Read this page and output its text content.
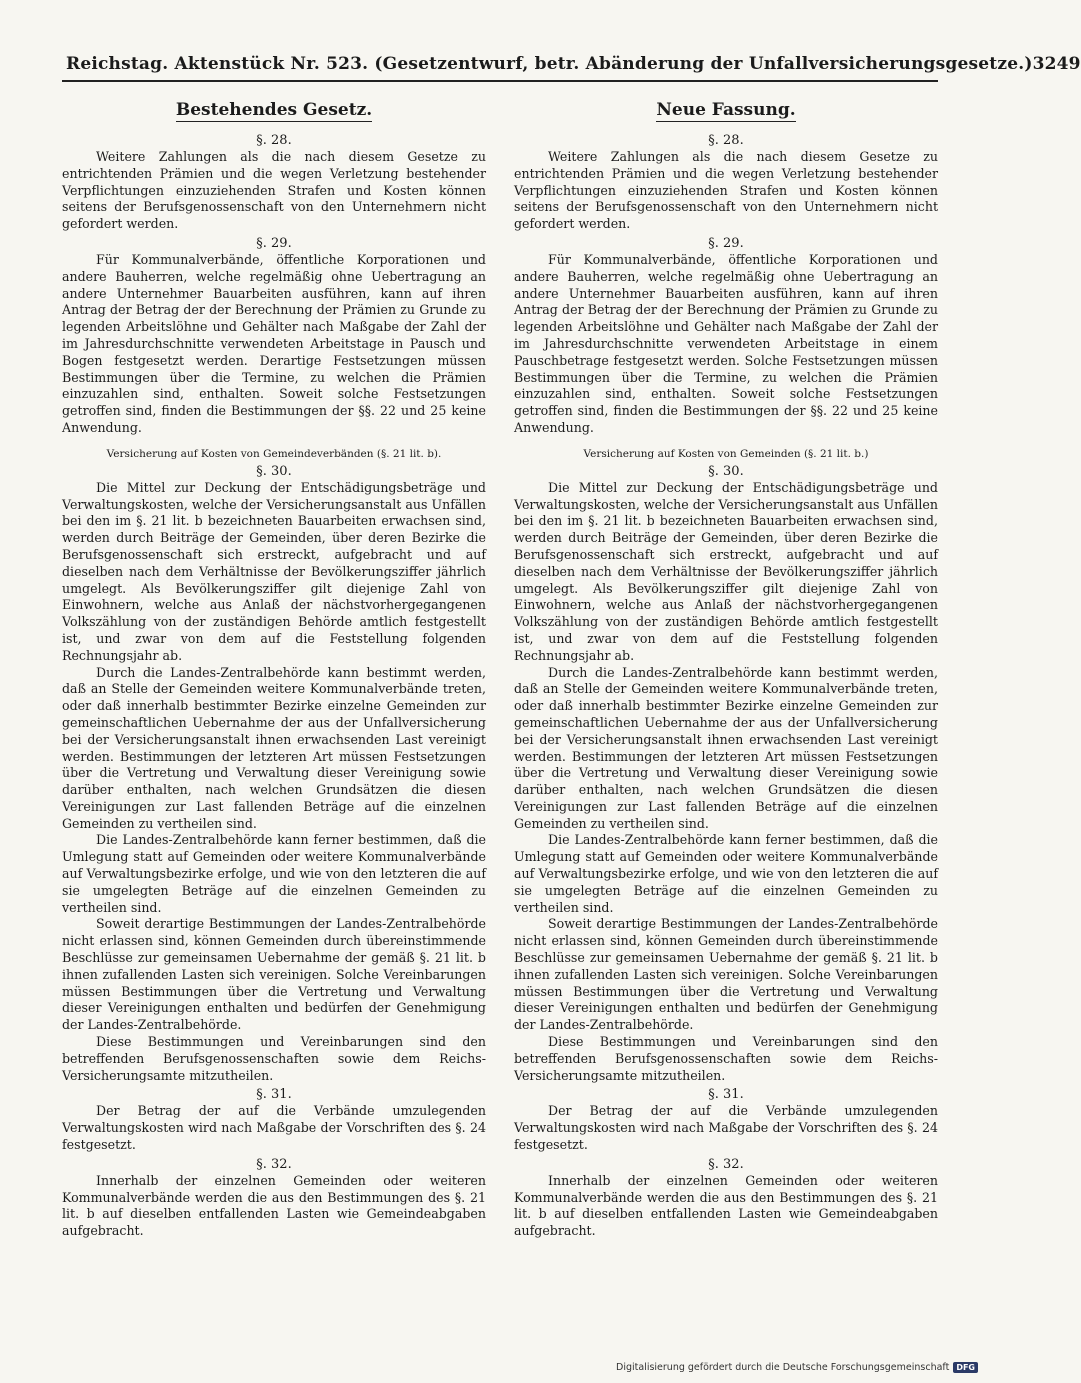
Reichstag. Aktenstück Nr. 523. (Gesetzentwurf, betr. Abänderung der Unfallversicherungsgesetze.) 3249
Bestehendes Gesetz.
§. 28.

Weitere Zahlungen als die nach diesem Gesetze zu entrichtenden Prämien und die wegen Verletzung bestehender Verpflichtungen einzuziehenden Strafen und Kosten können seitens der Berufsgenossenschaft von den Unternehmern nicht gefordert werden.

§. 29.

Für Kommunalverbände, öffentliche Korporationen und andere Bauherren, welche regelmäßig ohne Uebertragung an andere Unternehmer Bauarbeiten ausführen, kann auf ihren Antrag der Betrag der der Berechnung der Prämien zu Grunde zu legenden Arbeitslöhne und Gehälter nach Maßgabe der Zahl der im Jahresdurchschnitte verwendeten Arbeitstage in Pausch und Bogen festgesetzt werden. Derartige Festsetzungen müssen Bestimmungen über die Termine, zu welchen die Prämien einzuzahlen sind, enthalten. Soweit solche Festsetzungen getroffen sind, finden die Bestimmungen der §§. 22 und 25 keine Anwendung.

Versicherung auf Kosten von Gemeindeverbänden (§. 21 lit. b).
§. 30.

Die Mittel zur Deckung der Entschädigungsbeträge und Verwaltungskosten, welche der Versicherungsanstalt aus Unfällen bei den im §. 21 lit. b bezeichneten Bauarbeiten erwachsen sind, werden durch Beiträge der Gemeinden, über deren Bezirke die Berufsgenossenschaft sich erstreckt, aufgebracht und auf dieselben nach dem Verhältnisse der Bevölkerungsziffer jährlich umgelegt. Als Bevölkerungsziffer gilt diejenige Zahl von Einwohnern, welche aus Anlaß der nächstvorhergegangenen Volkszählung von der zuständigen Behörde amtlich festgestellt ist, und zwar von dem auf die Feststellung folgenden Rechnungsjahr ab.

Durch die Landes-Zentralbehörde kann bestimmt werden, daß an Stelle der Gemeinden weitere Kommunalverbände treten, oder daß innerhalb bestimmter Bezirke einzelne Gemeinden zur gemeinschaftlichen Uebernahme der aus der Unfallversicherung bei der Versicherungsanstalt ihnen erwachsenden Last vereinigt werden. Bestimmungen der letzteren Art müssen Festsetzungen über die Vertretung und Verwaltung dieser Vereinigung sowie darüber enthalten, nach welchen Grundsätzen die diesen Vereinigungen zur Last fallenden Beträge auf die einzelnen Gemeinden zu vertheilen sind.

Die Landes-Zentralbehörde kann ferner bestimmen, daß die Umlegung statt auf Gemeinden oder weitere Kommunalverbände auf Verwaltungsbezirke erfolge, und wie von den letzteren die auf sie umgelegten Beträge auf die einzelnen Gemeinden zu vertheilen sind.

Soweit derartige Bestimmungen der Landes-Zentralbehörde nicht erlassen sind, können Gemeinden durch übereinstimmende Beschlüsse zur gemeinsamen Uebernahme der gemäß §. 21 lit. b ihnen zufallenden Lasten sich vereinigen. Solche Vereinbarungen müssen Bestimmungen über die Vertretung und Verwaltung dieser Vereinigungen enthalten und bedürfen der Genehmigung der Landes-Zentralbehörde.

Diese Bestimmungen und Vereinbarungen sind den betreffenden Berufsgenossenschaften sowie dem Reichs-Versicherungsamte mitzutheilen.

§. 31.

Der Betrag der auf die Verbände umzulegenden Verwaltungskosten wird nach Maßgabe der Vorschriften des §. 24 festgesetzt.

§. 32.

Innerhalb der einzelnen Gemeinden oder weiteren Kommunalverbände werden die aus den Bestimmungen des §. 21 lit. b auf dieselben entfallenden Lasten wie Gemeindeabgaben aufgebracht.

Neue Fassung.
§. 28.

Weitere Zahlungen als die nach diesem Gesetze zu entrichtenden Prämien und die wegen Verletzung bestehender Verpflichtungen einzuziehenden Strafen und Kosten können seitens der Berufsgenossenschaft von den Unternehmern nicht gefordert werden.

§. 29.

Für Kommunalverbände, öffentliche Korporationen und andere Bauherren, welche regelmäßig ohne Uebertragung an andere Unternehmer Bauarbeiten ausführen, kann auf ihren Antrag der Betrag der der Berechnung der Prämien zu Grunde zu legenden Arbeitslöhne und Gehälter nach Maßgabe der Zahl der im Jahresdurchschnitte verwendeten Arbeitstage in einem Pauschbetrage festgesetzt werden. Solche Festsetzungen müssen Bestimmungen über die Termine, zu welchen die Prämien einzuzahlen sind, enthalten. Soweit solche Festsetzungen getroffen sind, finden die Bestimmungen der §§. 22 und 25 keine Anwendung.

Versicherung auf Kosten von Gemeinden (§. 21 lit. b.)
§. 30.

Die Mittel zur Deckung der Entschädigungsbeträge und Verwaltungskosten, welche der Versicherungsanstalt aus Unfällen bei den im §. 21 lit. b bezeichneten Bauarbeiten erwachsen sind, werden durch Beiträge der Gemeinden, über deren Bezirke die Berufsgenossenschaft sich erstreckt, aufgebracht und auf dieselben nach dem Verhältnisse der Bevölkerungsziffer jährlich umgelegt. Als Bevölkerungsziffer gilt diejenige Zahl von Einwohnern, welche aus Anlaß der nächstvorhergegangenen Volkszählung von der zuständigen Behörde amtlich festgestellt ist, und zwar von dem auf die Feststellung folgenden Rechnungsjahr ab.

Durch die Landes-Zentralbehörde kann bestimmt werden, daß an Stelle der Gemeinden weitere Kommunalverbände treten, oder daß innerhalb bestimmter Bezirke einzelne Gemeinden zur gemeinschaftlichen Uebernahme der aus der Unfallversicherung bei der Versicherungsanstalt ihnen erwachsenden Last vereinigt werden. Bestimmungen der letzteren Art müssen Festsetzungen über die Vertretung und Verwaltung dieser Vereinigung sowie darüber enthalten, nach welchen Grundsätzen die diesen Vereinigungen zur Last fallenden Beträge auf die einzelnen Gemeinden zu vertheilen sind.

Die Landes-Zentralbehörde kann ferner bestimmen, daß die Umlegung statt auf Gemeinden oder weitere Kommunalverbände auf Verwaltungsbezirke erfolge, und wie von den letzteren die auf sie umgelegten Beträge auf die einzelnen Gemeinden zu vertheilen sind.

Soweit derartige Bestimmungen der Landes-Zentralbehörde nicht erlassen sind, können Gemeinden durch übereinstimmende Beschlüsse zur gemeinsamen Uebernahme der gemäß §. 21 lit. b ihnen zufallenden Lasten sich vereinigen. Solche Vereinbarungen müssen Bestimmungen über die Vertretung und Verwaltung dieser Vereinigungen enthalten und bedürfen der Genehmigung der Landes-Zentralbehörde.

Diese Bestimmungen und Vereinbarungen sind den betreffenden Berufsgenossenschaften sowie dem Reichs-Versicherungsamte mitzutheilen.

§. 31.

Der Betrag der auf die Verbände umzulegenden Verwaltungskosten wird nach Maßgabe der Vorschriften des §. 24 festgesetzt.

§. 32.

Innerhalb der einzelnen Gemeinden oder weiteren Kommunalverbände werden die aus den Bestimmungen des §. 21 lit. b auf dieselben entfallenden Lasten wie Gemeindeabgaben aufgebracht.

Digitalisierung gefördert durch die Deutsche Forschungsgemeinschaft DFG
